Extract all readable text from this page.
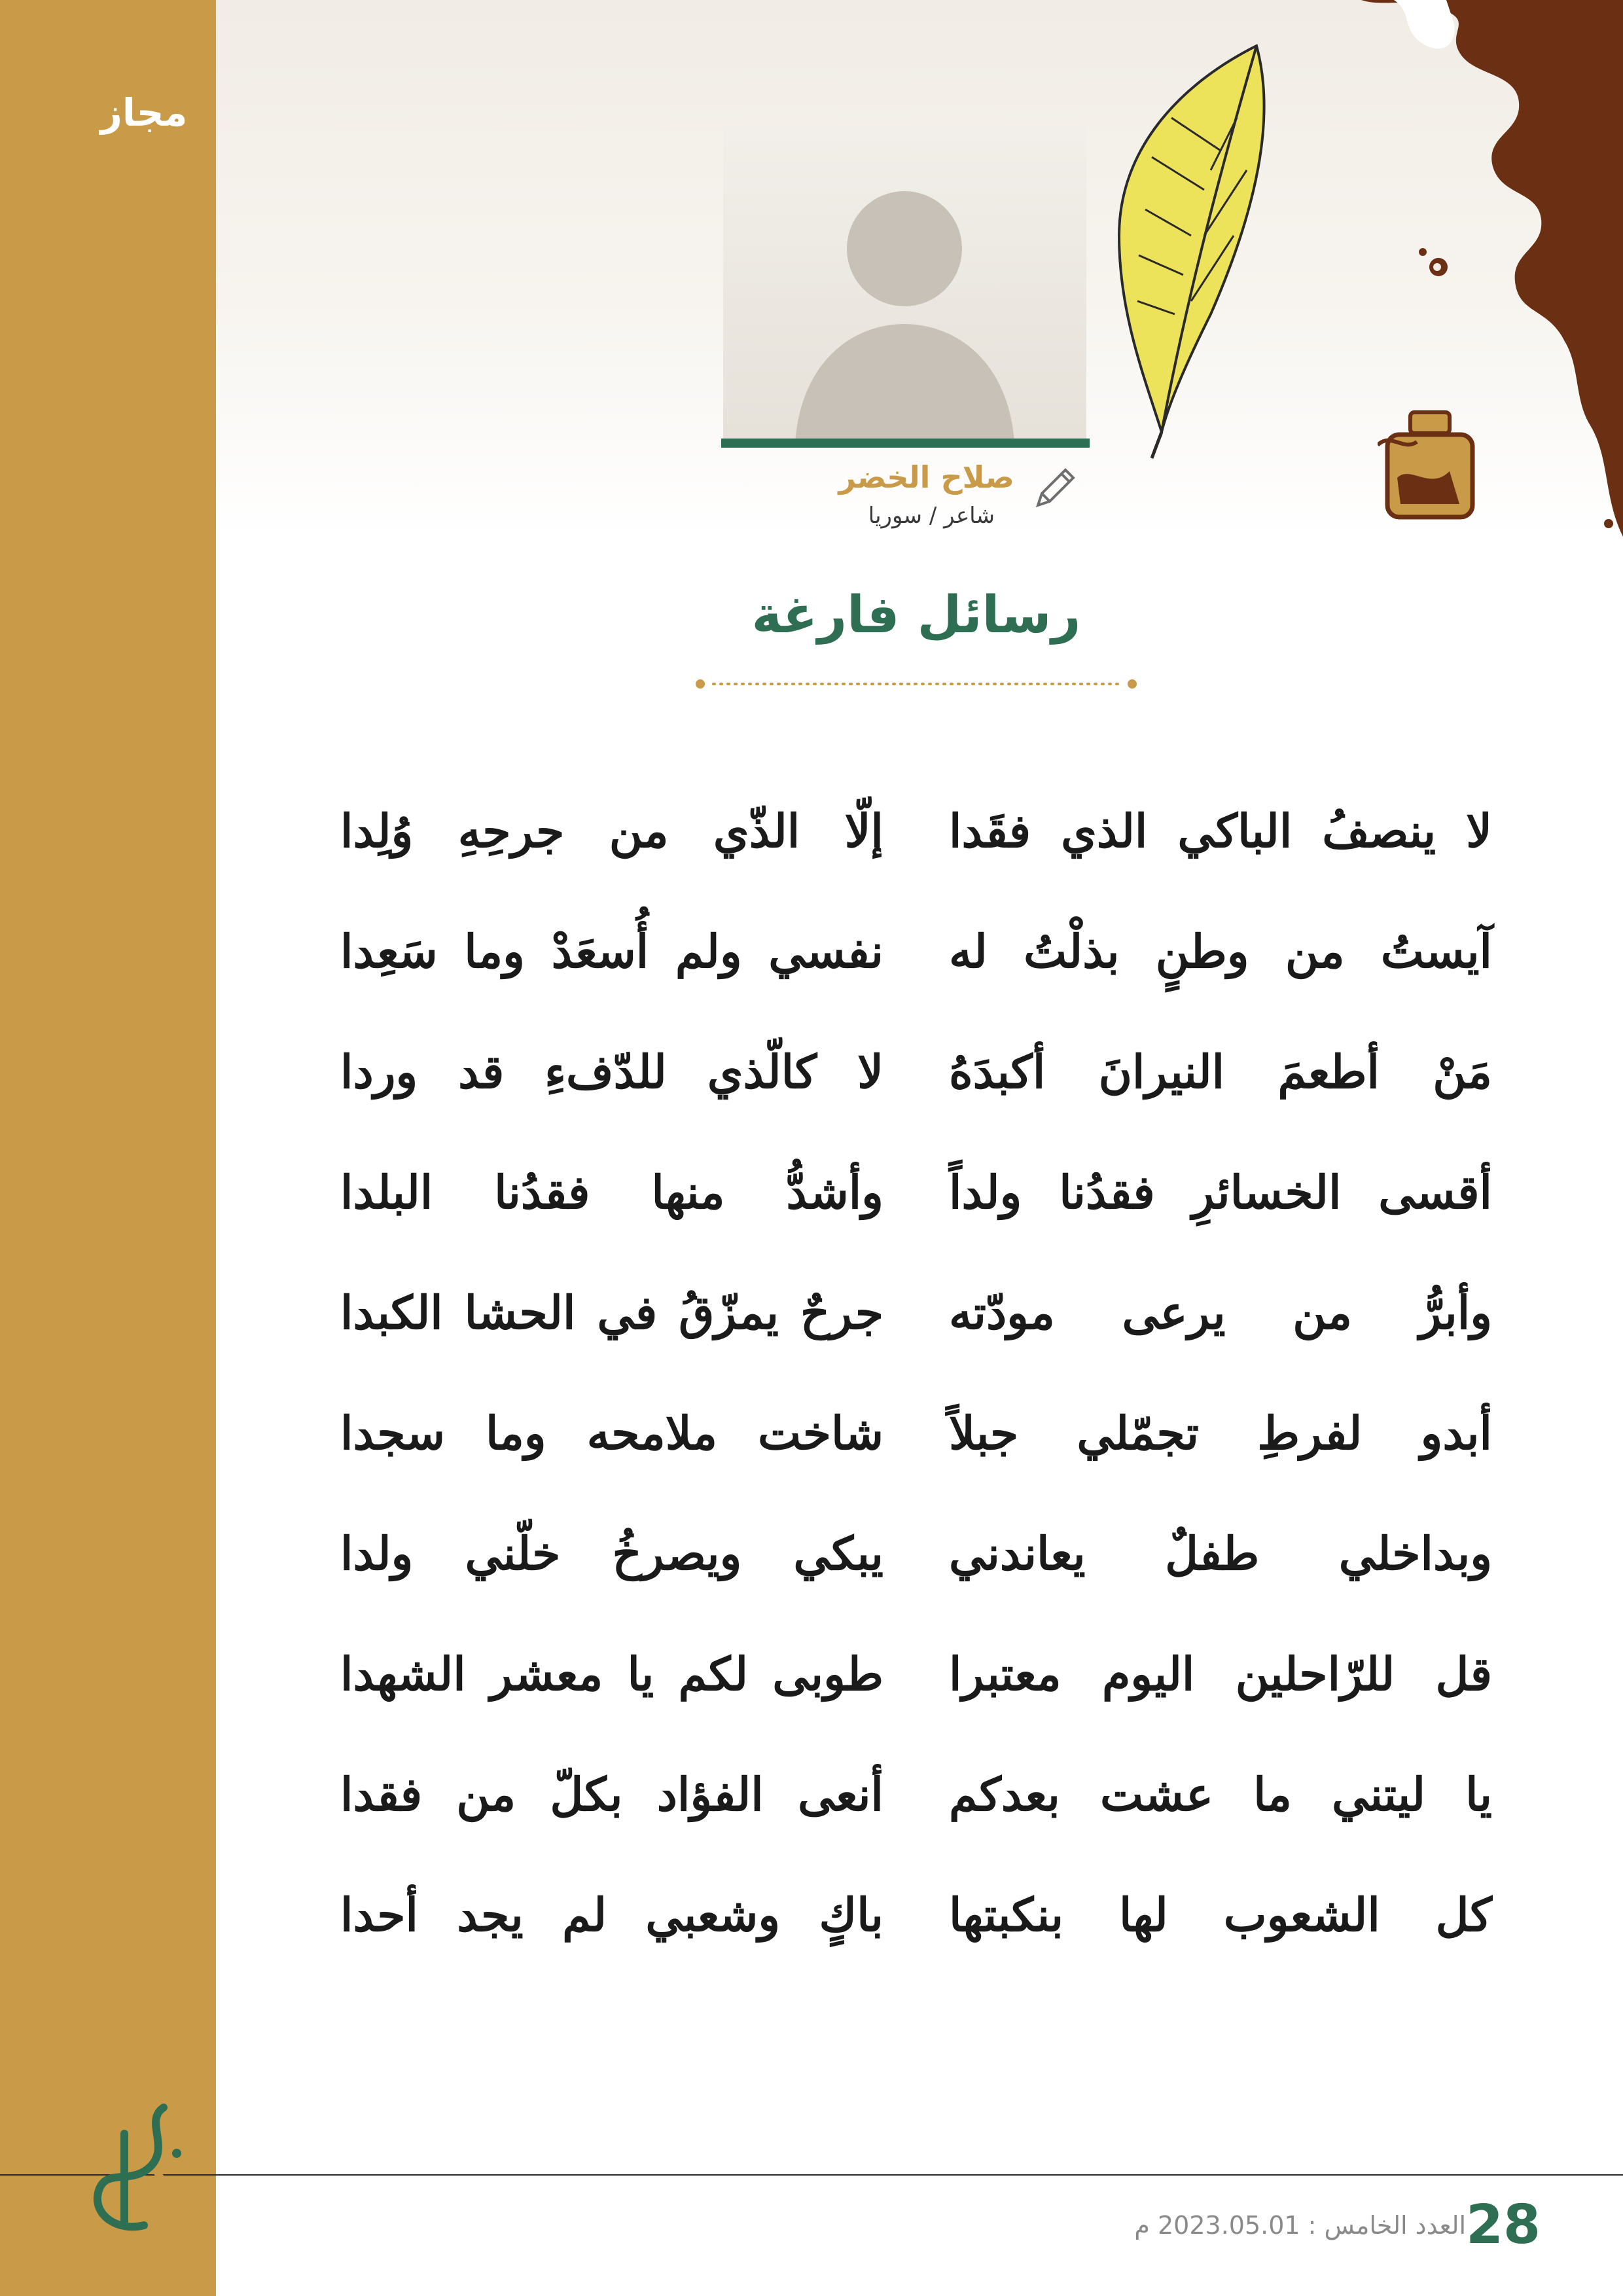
مجاز
صلاح الخضر
شاعر / سوريا
رسائل فارغة
لا ينصفُ الباكي الذي فقَدا
إلّا الذّي من جرحِهِ وُلِدا
آيستُ من وطنٍ بذلْتُ له
نفسي ولم أُسعَدْ وما سَعِدا
مَنْ أطعمَ النيرانَ أكبدَهُ
لا كالّذي للدّفءِ قد وردا
أقسى الخسائرِ فقدُنا ولداً
وأشدُّ منها فقدُنا البلدا
وأبرُّ من يرعى مودّته
جرحٌ يمزّقُ في الحشا الكبدا
أبدو لفرطِ تجمّلي جبلاً
شاخت ملامحه وما سجدا
وبداخلي طفلٌ يعاندني
يبكي ويصرخُ خلّني ولدا
قل للرّاحلين اليوم معتبرا
طوبى لكم يا معشر الشهدا
يا ليتني ما عشت بعدكم
أنعى الفؤاد بكلّ من فقدا
كل الشعوب لها بنكبتها
باكٍ وشعبي لم يجد أحدا
28
العدد الخامس : 2023.05.01 م
